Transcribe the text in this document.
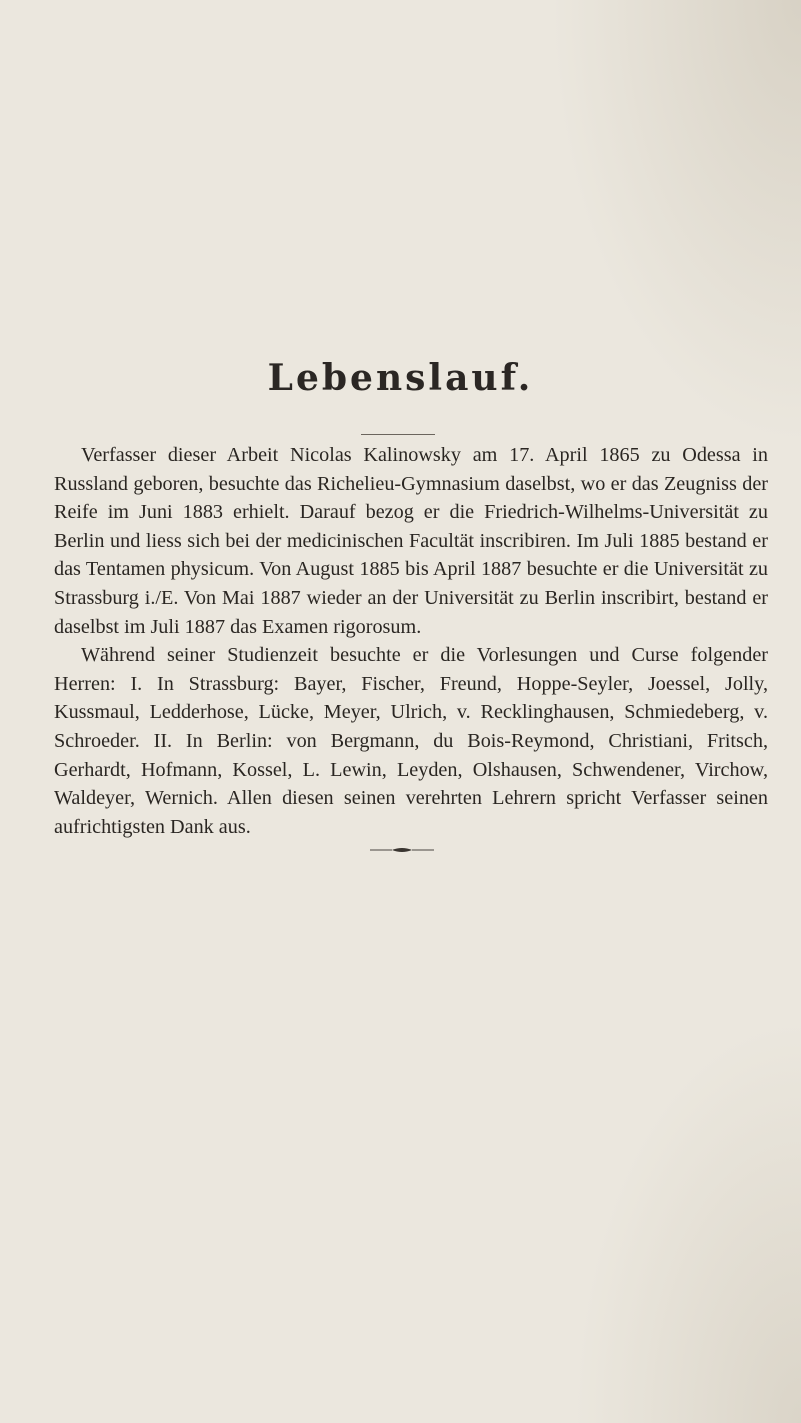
Lebenslauf.

Verfasser dieser Arbeit Nicolas Kalinowsky am 17. April 1865 zu Odessa in Russland geboren, besuchte das Richelieu-Gymnasium daselbst, wo er das Zeugniss der Reife im Juni 1883 erhielt. Darauf bezog er die Friedrich-Wilhelms-Universität zu Berlin und liess sich bei der medicinischen Facultät inscribiren. Im Juli 1885 bestand er das Tentamen physicum. Von August 1885 bis April 1887 besuchte er die Universität zu Strassburg i./E. Von Mai 1887 wieder an der Universität zu Berlin inscribirt, bestand er daselbst im Juli 1887 das Examen rigorosum.

Während seiner Studienzeit besuchte er die Vorlesungen und Curse folgender Herren: I. In Strassburg: Bayer, Fischer, Freund, Hoppe-Seyler, Joessel, Jolly, Kussmaul, Ledderhose, Lücke, Meyer, Ulrich, v. Recklinghausen, Schmiedeberg, v. Schroeder. II. In Berlin: von Bergmann, du Bois-Reymond, Christiani, Fritsch, Gerhardt, Hofmann, Kossel, L. Lewin, Leyden, Olshausen, Schwendener, Virchow, Waldeyer, Wernich. Allen diesen seinen verehrten Lehrern spricht Verfasser seinen aufrichtigsten Dank aus.
